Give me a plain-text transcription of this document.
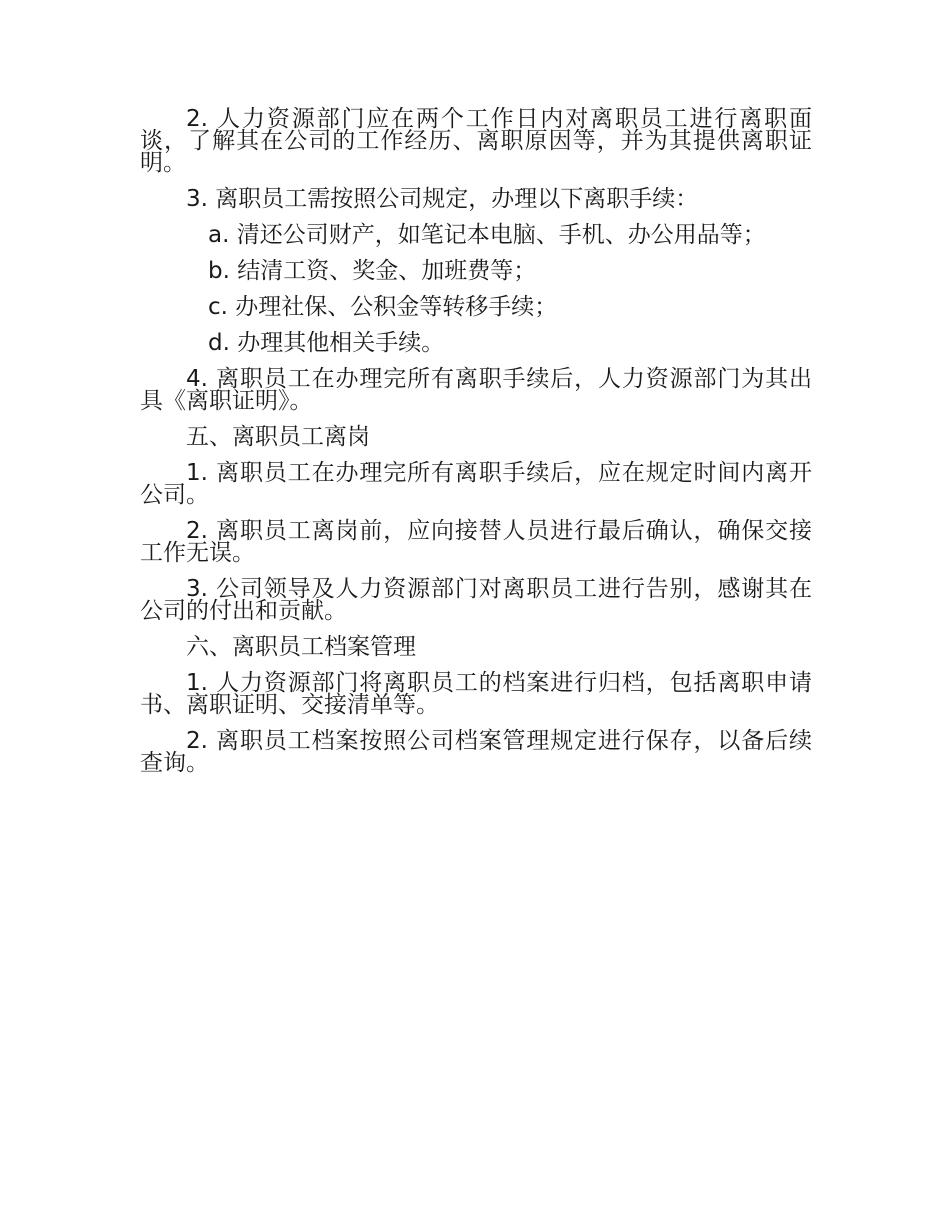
2. 人力资源部门应在两个工作日内对离职员工进行离职面谈，了解其在公司的工作经历、离职原因等，并为其提供离职证明。

3. 离职员工需按照公司规定，办理以下离职手续：

a. 清还公司财产，如笔记本电脑、手机、办公用品等；

b. 结清工资、奖金、加班费等；

c. 办理社保、公积金等转移手续；

d. 办理其他相关手续。

4. 离职员工在办理完所有离职手续后，人力资源部门为其出具《离职证明》。

五、离职员工离岗

1. 离职员工在办理完所有离职手续后，应在规定时间内离开公司。

2. 离职员工离岗前，应向接替人员进行最后确认，确保交接工作无误。

3. 公司领导及人力资源部门对离职员工进行告别，感谢其在公司的付出和贡献。

六、离职员工档案管理

1. 人力资源部门将离职员工的档案进行归档，包括离职申请书、离职证明、交接清单等。

2. 离职员工档案按照公司档案管理规定进行保存，以备后续查询。
